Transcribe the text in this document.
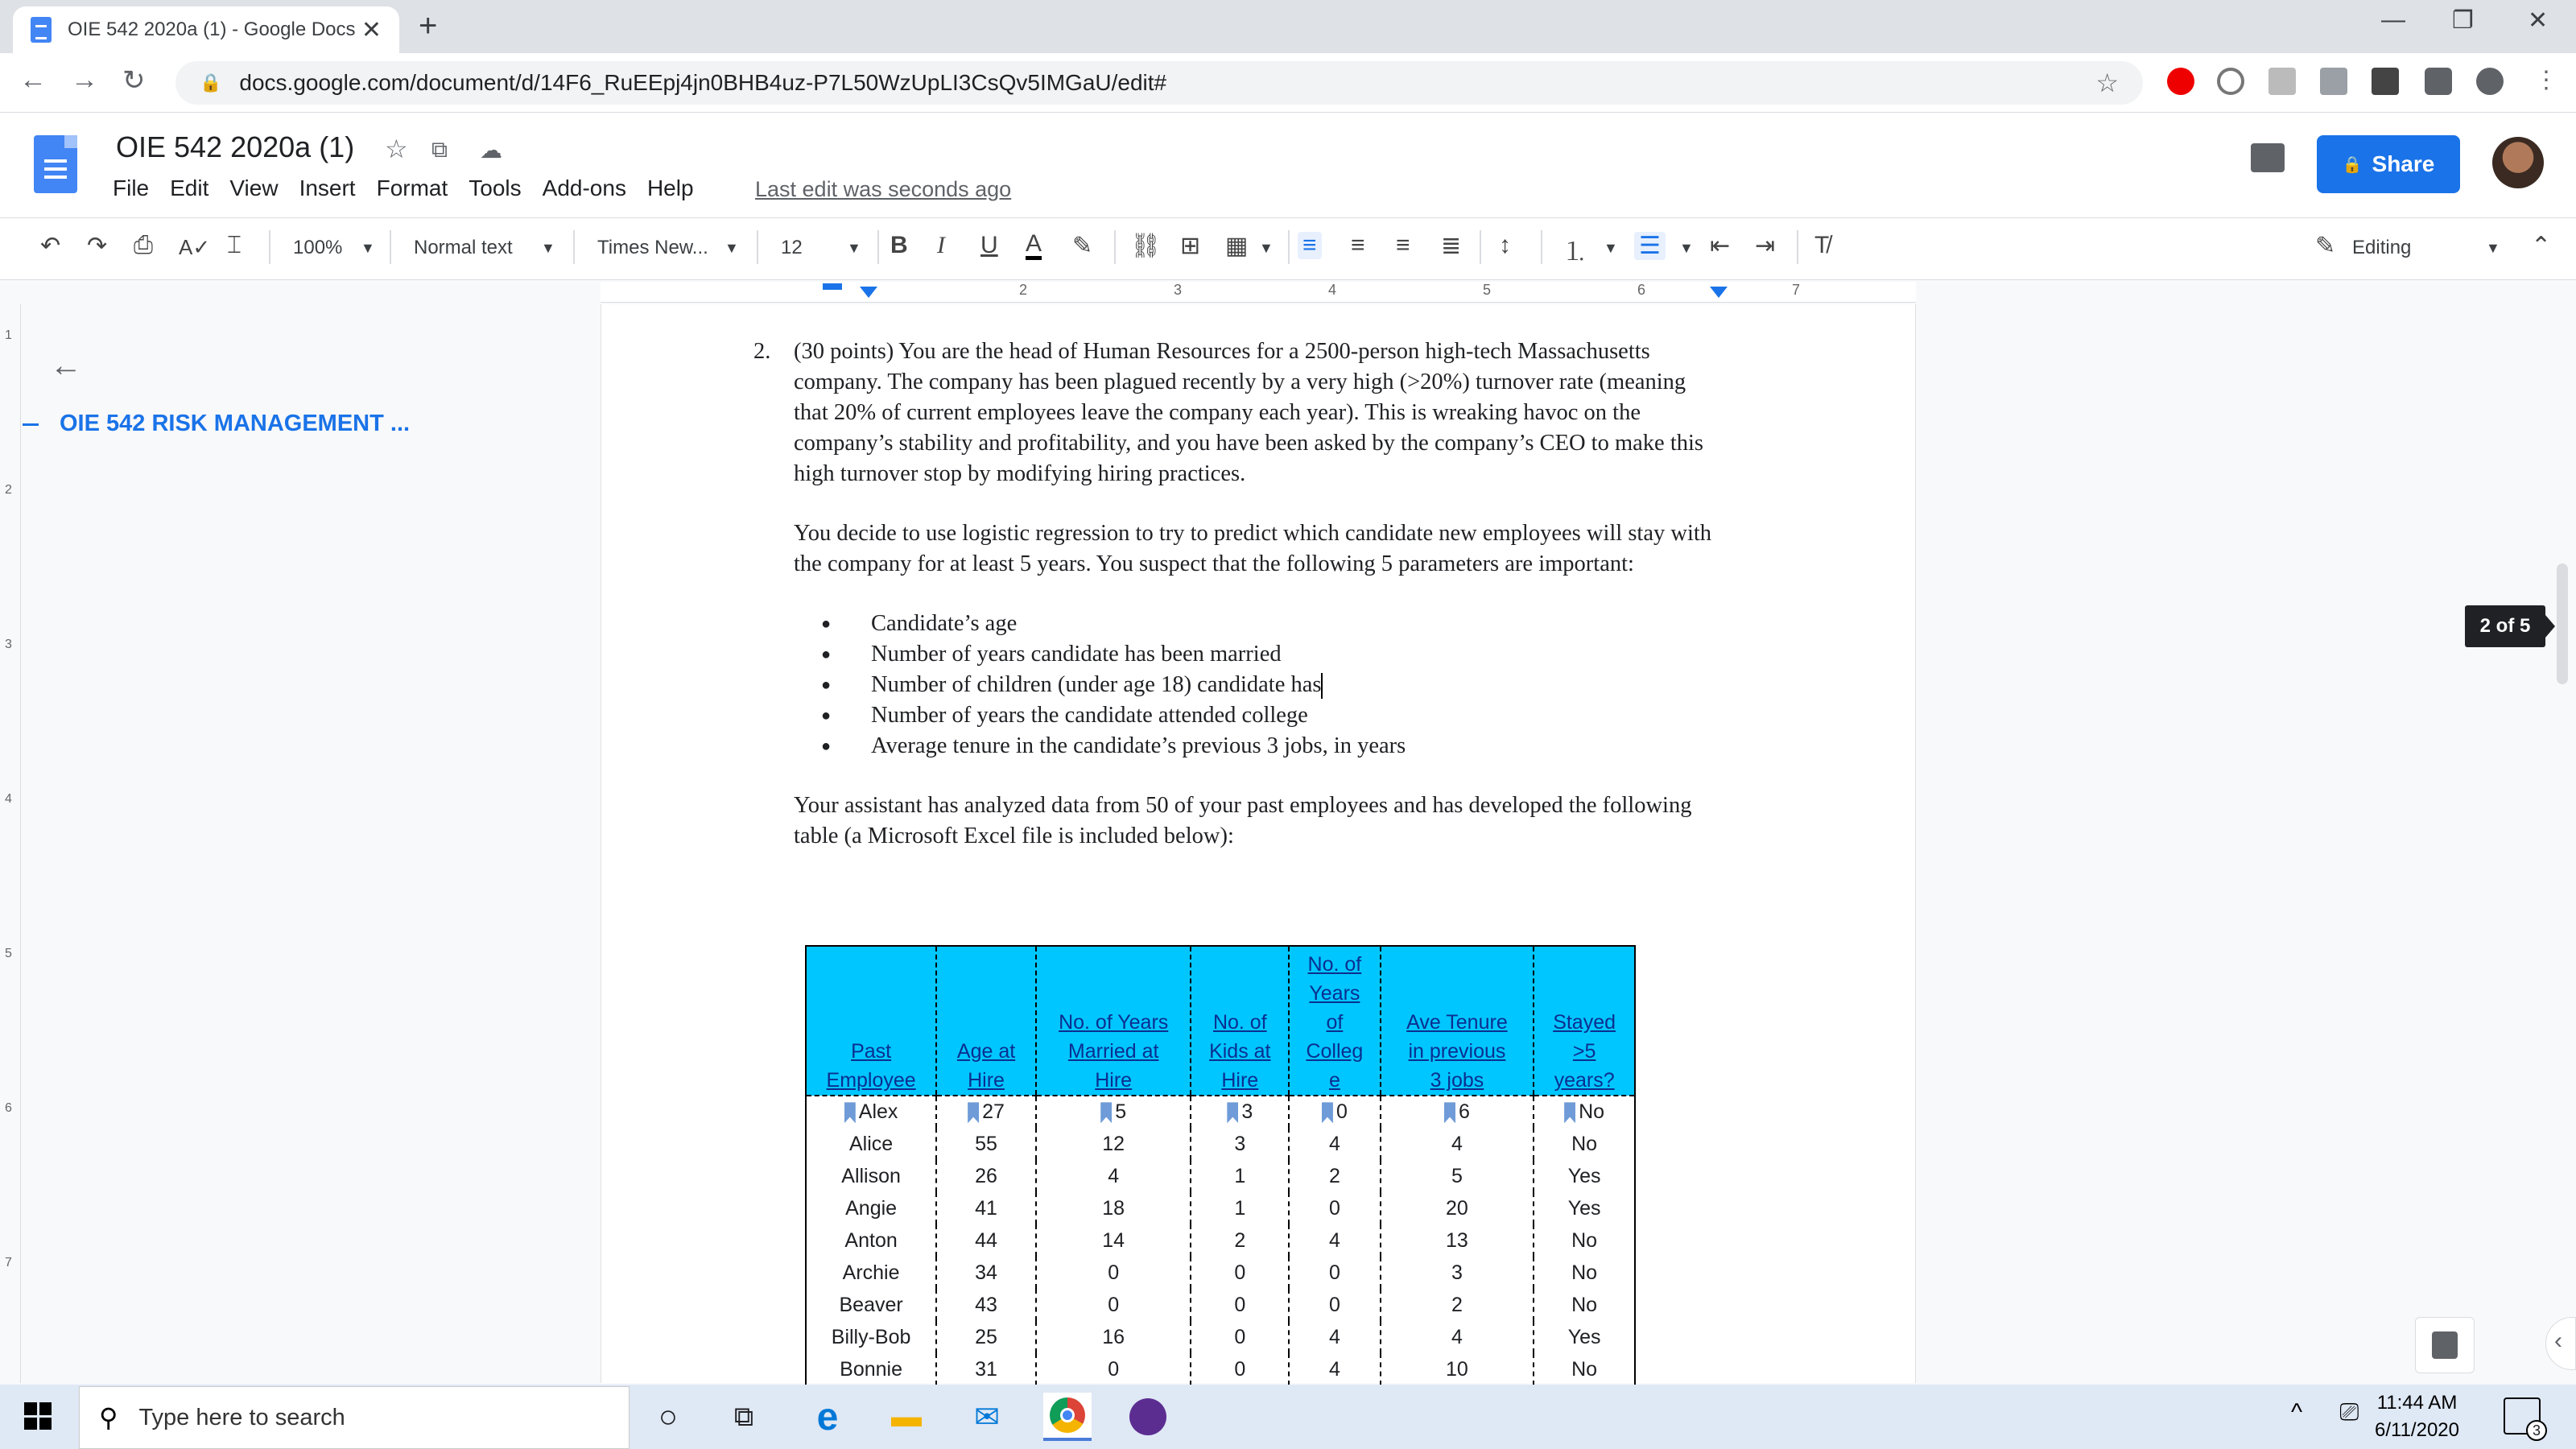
OIE 542 2020a (1) - Google Docs ✕ +	— ❐ ✕
← → ↻	🔒 docs.google.com/document/d/14F6_RuEEpj4jn0BHB4uz-P7L50WzUpLI3CsQv5IMGaU/edit#	☆	⋮
OIE 542 2020a (1) ☆ ⧉ ☁
File Edit View Insert Format Tools Add-ons Help	Last edit was seconds ago
🔒 Share
↶ ↷ ⎙ A✓ ⌶	100% ▼ Normal text ▼ Times New... ▼ 12	▼ B I U A ✎ ⛓ ⊞ ▦ ▼ ≡ ≡ ≡ ≣ ↕ ⒈ ▼ ☰	▼ ⇤ ⇥ T̸	✎ Editing	▼ ⌃
2	3	4	5	6	7
1
2
3
4
5
6
7
←
OIE 542 RISK MANAGEMENT ...
2. (30 points) You are the head of Human Resources for a 2500-person high-tech Massachusetts company. The company has been plagued recently by a very high (>20%) turnover rate (meaning that 20% of current employees leave the company each year). This is wreaking havoc on the company’s stability and profitability, and you have been asked by the company’s CEO to make this high turnover stop by modifying hiring practices.

You decide to use logistic regression to try to predict which candidate new employees will stay with the company for at least 5 years. You suspect that the following 5 parameters are important:

● Candidate’s age
● Number of years candidate has been married
● Number of children (under age 18) candidate has
● Number of years the candidate attended college
● Average tenure in the candidate’s previous 3 jobs, in years

Your assistant has analyzed data from 50 of your past employees and has developed the following table (a Microsoft Excel file is included below):

Past
Employee	Age at
Hire	No. of Years
Married at
Hire	No. of
Kids at
Hire	No. of
Years
of
Colleg
e	Ave Tenure
in previous
3 jobs	Stayed
>5
years?
Alex	27	5	3	0	6	No
Alice	55	12	3	4	4	No
Allison	26	4	1	2	5	Yes
Angie	41	18	1	0	20	Yes
Anton	44	14	2	4	13	No
Archie	34	0	0	0	3	No
Beaver	43	0	0	0	2	No
Billy-Bob	25	16	0	4	4	Yes
Bonnie	31	0	0	4	10	No
2 of 5
‹
⚲ Type here to search	○	⧉	e	▬	✉	^ ⎚ 11:44 AM
6/11/2020	3
